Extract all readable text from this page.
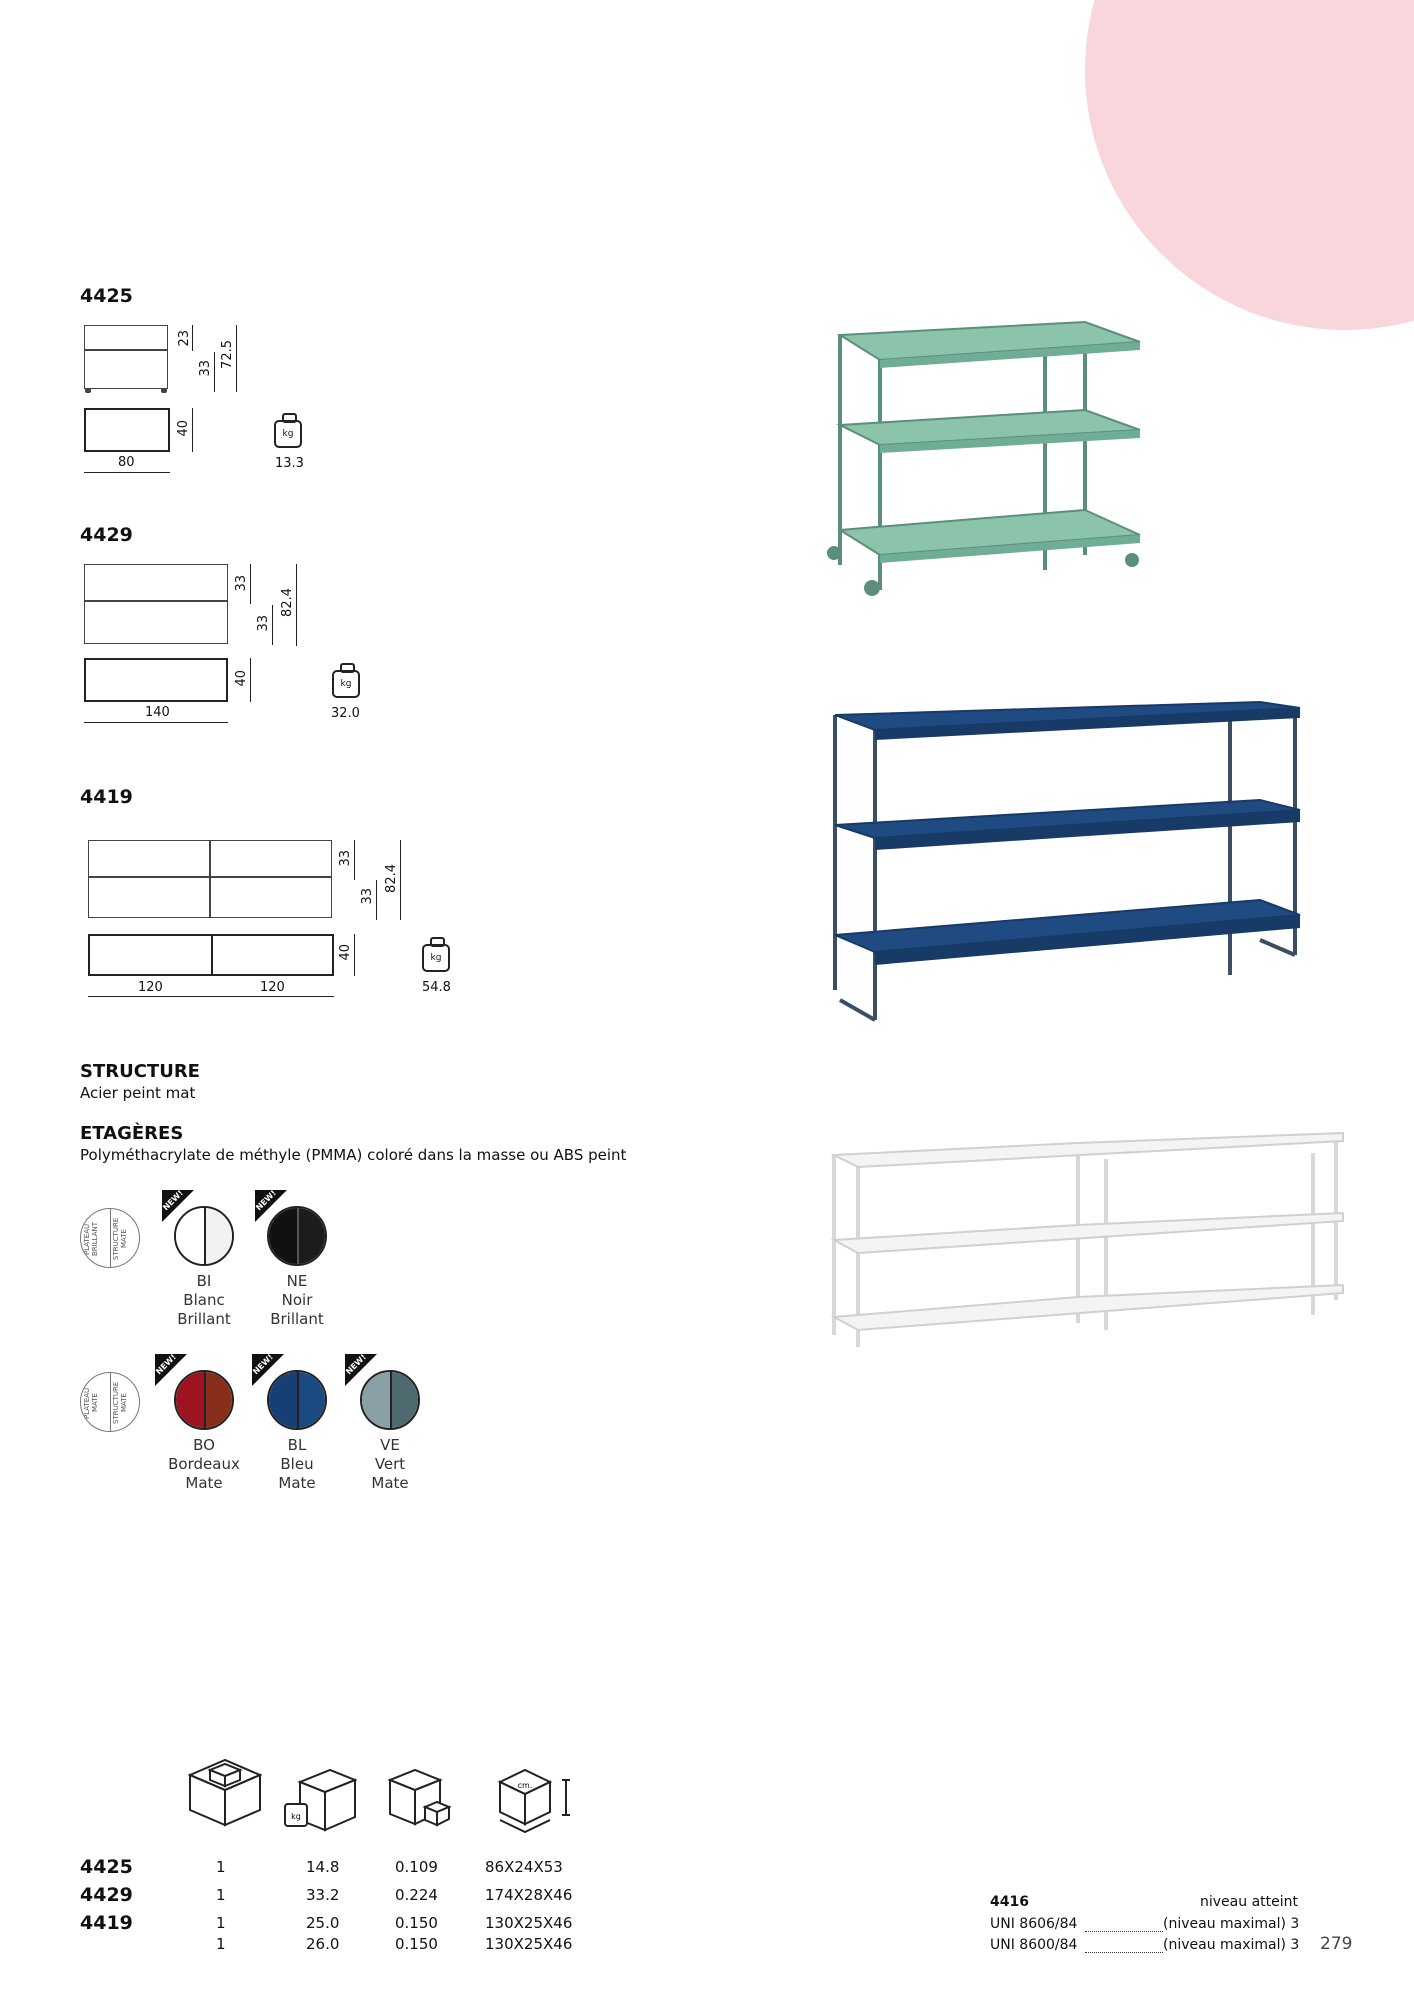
4425
23
33 72.5
40
80
kg
13.3
4429
33
33
82.4
40
140
kg
32.0
4419
33
33
82.4
40
120	120
kg
54.8
STRUCTURE
Acier peint mat
ETAGÈRES
Polyméthacrylate de méthyle (PMMA) coloré dans la masse ou ABS peint
PLATEAU BRILLANT	STRUCTURE MATE
NEW!
BI
Blanc
Brillant
NEW!
NE
Noir
Brillant
PLATEAU MATE	STRUCTURE MATE
NEW!
BO
Bordeaux
Mate
NEW!
BL
Bleu
Mate
NEW!
VE
Vert
Mate
kg
cm.
4425	1	14.8	0.109	86X24X53
4429	1	33.2	0.224	174X28X46
4419	1	25.0	0.150	130X25X46
1	26.0	0.150	130X25X46
4416	niveau atteint
UNI 8606/84	(niveau maximal) 3
UNI 8600/84	(niveau maximal) 3 279
